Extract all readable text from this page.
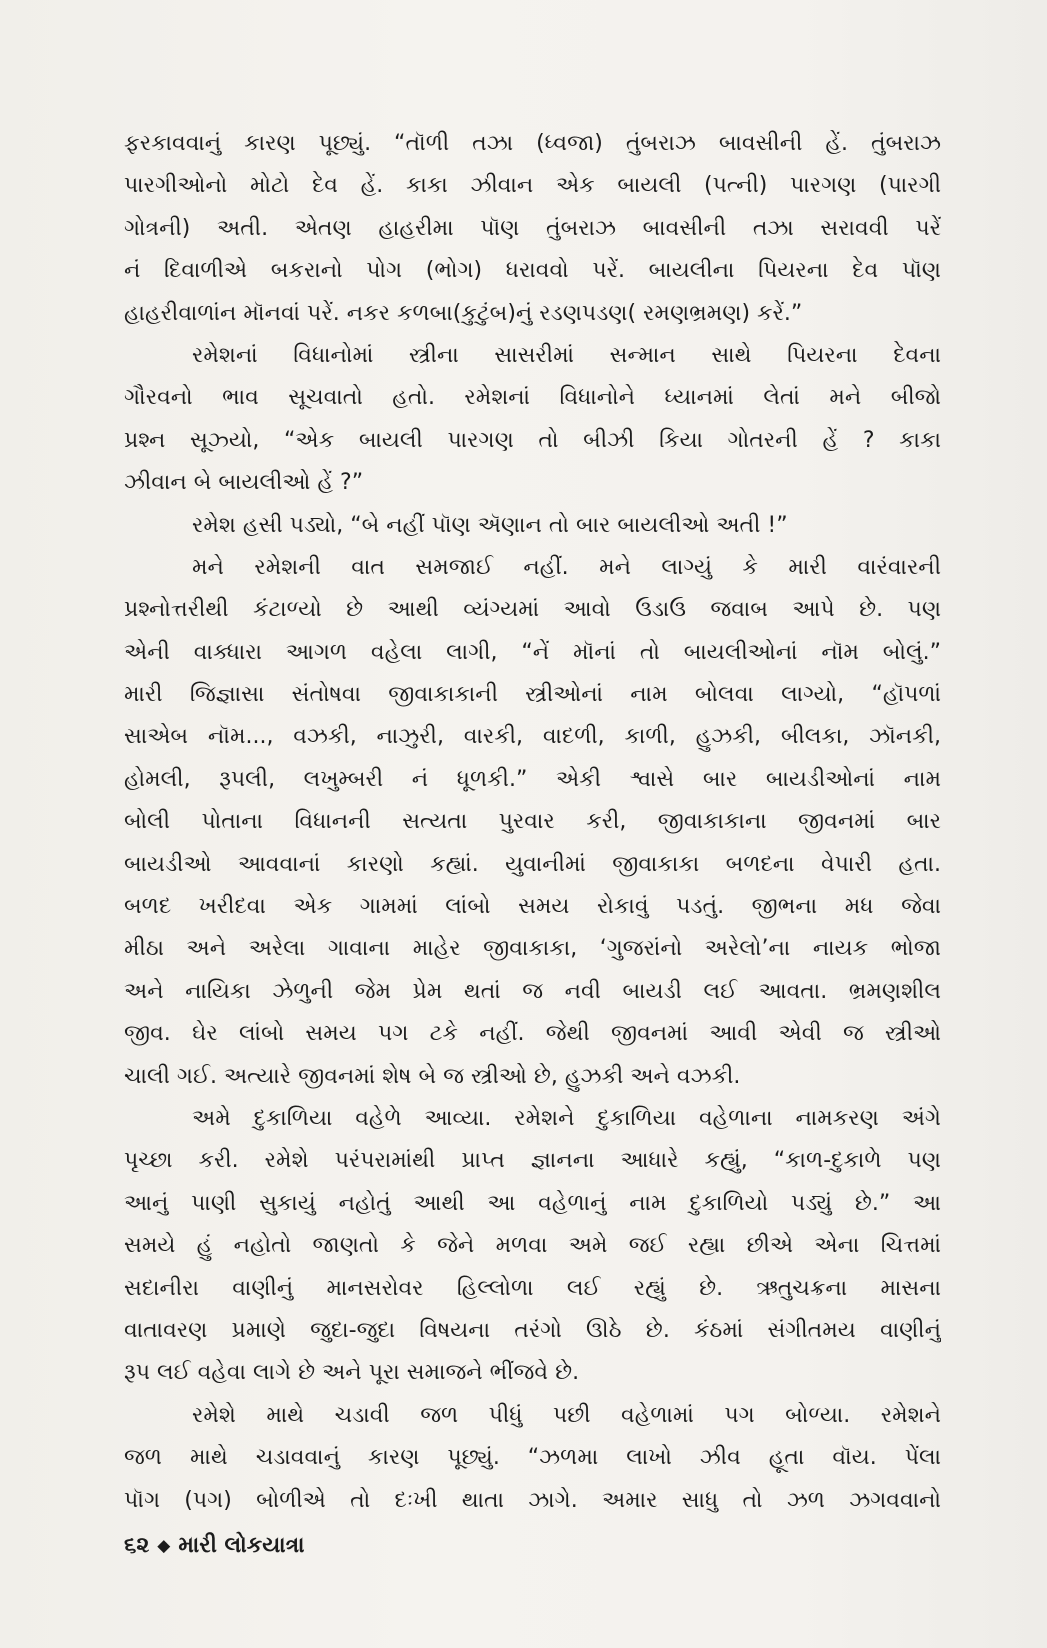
ફરકાવવાનું કારણ પૂછ્યું. “તૉળી તઝા (ધ્વજા) તુંબરાઝ બાવસીની હેં. તુંબરાઝ
પારગીઓનો મોટો દેવ હેં. કાકા ઝીવાન એક બાયલી (પત્ની) પારગણ (પારગી
ગોત્રની) અતી. એતણ હાહરીમા પૉણ તુંબરાઝ બાવસીની તઝા સરાવવી પરેં
નં દિવાળીએ બકરાનો પોગ (ભોગ) ધરાવવો પરેં. બાયલીના પિયરના દેવ પૉણ
હાહરીવાળાંન મૉનવાં પરેં. નકર કળબા(કુટુંબ)નું રડણપડણ( રમણભ્રમણ) કરેં.”
રમેશનાં વિધાનોમાં સ્ત્રીના સાસરીમાં સન્માન સાથે પિયરના દેવના
ગૌરવનો ભાવ સૂચવાતો હતો. રમેશનાં વિધાનોને ધ્યાનમાં લેતાં મને બીજો
પ્રશ્ન સૂઝ્યો, “એક બાયલી પારગણ તો બીઝી કિયા ગોતરની હેં ? કાકા
ઝીવાન બે બાયલીઓ હેં ?”
રમેશ હસી પડ્યો, “બે નહીં પૉણ ઍણાન તો બાર બાયલીઓ અતી !”
મને રમેશની વાત સમજાઈ નહીં. મને લાગ્યું કે મારી વારંવારની
પ્રશ્નોત્તરીથી કંટાળ્યો છે આથી વ્યંગ્યમાં આવો ઉડાઉ જવાબ આપે છે. પણ
એની વાક્ધારા આગળ વહેલા લાગી, “નેં મૉનાં તો બાયલીઓનાં નૉમ બોલું.”
મારી જિજ્ઞાસા સંતોષવા જીવાકાકાની સ્ત્રીઓનાં નામ બોલવા લાગ્યો, “હૉપળાં
સાએબ નૉમ..., વઝકી, નાઝુરી, વારકી, વાદળી, કાળી, હુઝકી, બીલકા, ઝૉનકી,
હોમલી, રૂપલી, લખુમ્બરી નં ધૂળકી.” એકી શ્વાસે બાર બાયડીઓનાં નામ
બોલી પોતાના વિધાનની સત્યતા પુરવાર કરી, જીવાકાકાના જીવનમાં બાર
બાયડીઓ આવવાનાં કારણો કહ્યાં. યુવાનીમાં જીવાકાકા બળદના વેપારી હતા.
બળદ ખરીદવા એક ગામમાં લાંબો સમય રોકાવું પડતું. જીભના મધ જેવા
મીઠા અને અરેલા ગાવાના માહેર જીવાકાકા, ‘ગુજરાંનો અરેલો’ના નાયક ભોજા
અને નાયિકા ઝેળુની જેમ પ્રેમ થતાં જ નવી બાયડી લઈ આવતા. ભ્રમણશીલ
જીવ. ઘેર લાંબો સમય પગ ટકે નહીં. જેથી જીવનમાં આવી એવી જ સ્ત્રીઓ
ચાલી ગઈ. અત્યારે જીવનમાં શેષ બે જ સ્ત્રીઓ છે, હુઝકી અને વઝકી.
અમે દુકાળિયા વહેળે આવ્યા. રમેશને દુકાળિયા વહેળાના નામકરણ અંગે
પૃચ્છા કરી. રમેશે પરંપરામાંથી પ્રાપ્ત જ્ઞાનના આધારે કહ્યું, “કાળ-દુકાળે પણ
આનું પાણી સુકાયું નહોતું આથી આ વહેળાનું નામ દુકાળિયો પડ્યું છે.” આ
સમયે હું નહોતો જાણતો કે જેને મળવા અમે જઈ રહ્યા છીએ એના ચિત્તમાં
સદાનીરા વાણીનું માનસરોવર હિલ્લોળા લઈ રહ્યું છે. ઋતુચક્રના માસના
વાતાવરણ પ્રમાણે જુદા-જુદા વિષયના તરંગો ઊઠે છે. કંઠમાં સંગીતમય વાણીનું
રૂપ લઈ વહેવા લાગે છે અને પૂરા સમાજને ભીંજવે છે.
રમેશે માથે ચડાવી જળ પીધું પછી વહેળામાં પગ બોળ્યા. રમેશને
જળ માથે ચડાવવાનું કારણ પૂછ્યું. “ઝળમા લાખો ઝીવ હૂતા વૉય. પેંલા
પૉગ (પગ) બોળીએ તો દઃખી થાતા ઝાગે. અમાર સાધુ તો ઝળ ઝગવવાનો
૬૨ ◆ મારી લોકયાત્રા
